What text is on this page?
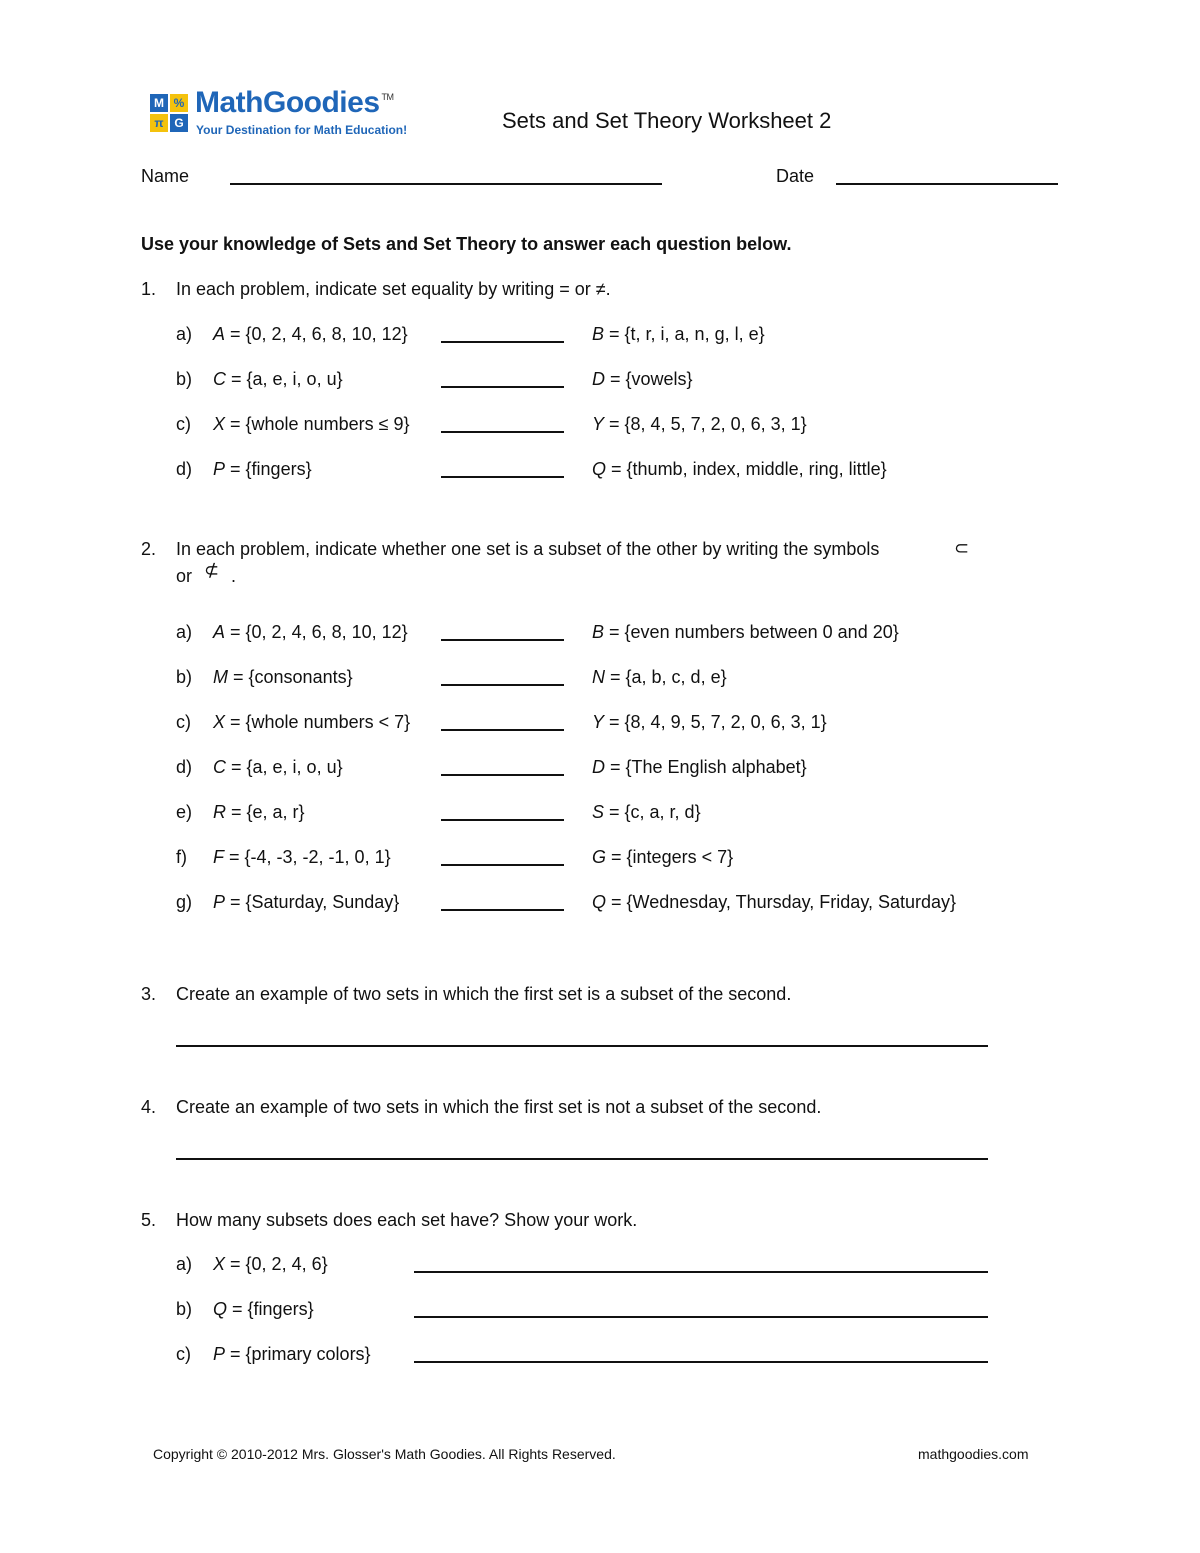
M %
π G
MathGoodies ™
Your Destination for Math Education!	Sets and Set Theory Worksheet 2
Name	Date
Use your knowledge of Sets and Set Theory to answer each question below.
1. In each problem, indicate set equality by writing = or ≠.
a) A = {0, 2, 4, 6, 8, 10, 12}	B = {t, r, i, a, n, g, l, e}
b) C = {a, e, i, o, u}	D = {vowels}
c) X = {whole numbers ≤ 9}	Y = {8, 4, 5, 7, 2, 0, 6, 3, 1}
d) P = {fingers}	Q = {thumb, index, middle, ring, little}
2. In each problem, indicate whether one set is a subset of the other by writing the symbols	⊂
or ⊄ .
a) A = {0, 2, 4, 6, 8, 10, 12}	B = {even numbers between 0 and 20}
b) M = {consonants}	N = {a, b, c, d, e}
c) X = {whole numbers < 7}	Y = {8, 4, 9, 5, 7, 2, 0, 6, 3, 1}
d) C = {a, e, i, o, u}	D = {The English alphabet}
e) R = {e, a, r}	S = {c, a, r, d}
f) F = {-4, -3, -2, -1, 0, 1}	G = {integers < 7}
g) P = {Saturday, Sunday}	Q = {Wednesday, Thursday, Friday, Saturday}
3. Create an example of two sets in which the first set is a subset of the second.
4. Create an example of two sets in which the first set is not a subset of the second.
5. How many subsets does each set have? Show your work.
a) X = {0, 2, 4, 6}
b) Q = {fingers}
c) P = {primary colors}
Copyright © 2010-2012 Mrs. Glosser's Math Goodies. All Rights Reserved.	mathgoodies.com
